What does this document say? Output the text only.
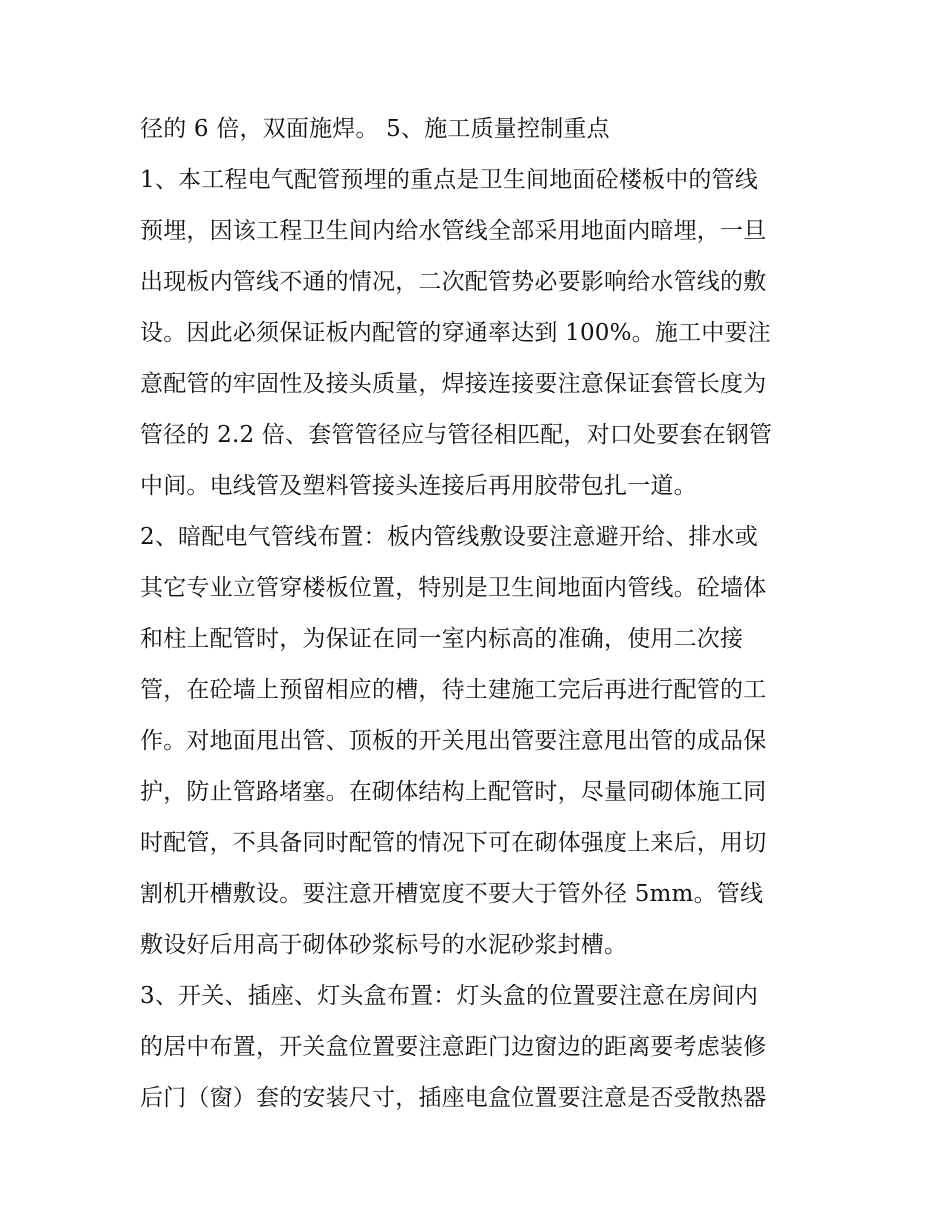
径的 6 倍，双面施焊。 5、施工质量控制重点
1、本工程电气配管预埋的重点是卫生间地面砼楼板中的管线
预埋，因该工程卫生间内给水管线全部采用地面内暗埋，一旦
出现板内管线不通的情况，二次配管势必要影响给水管线的敷
设。因此必须保证板内配管的穿通率达到 100%。施工中要注
意配管的牢固性及接头质量，焊接连接要注意保证套管长度为
管径的 2.2 倍、套管管径应与管径相匹配，对口处要套在钢管
中间。电线管及塑料管接头连接后再用胶带包扎一道。
2、暗配电气管线布置：板内管线敷设要注意避开给、排水或
其它专业立管穿楼板位置，特别是卫生间地面内管线。砼墙体
和柱上配管时，为保证在同一室内标高的准确，使用二次接
管，在砼墙上预留相应的槽，待土建施工完后再进行配管的工
作。对地面甩出管、顶板的开关甩出管要注意甩出管的成品保
护，防止管路堵塞。在砌体结构上配管时，尽量同砌体施工同
时配管，不具备同时配管的情况下可在砌体强度上来后，用切
割机开槽敷设。要注意开槽宽度不要大于管外径 5mm。管线
敷设好后用高于砌体砂浆标号的水泥砂浆封槽。
3、开关、插座、灯头盒布置：灯头盒的位置要注意在房间内
的居中布置，开关盒位置要注意距门边窗边的距离要考虑装修
后门（窗）套的安装尺寸，插座电盒位置要注意是否受散热器
